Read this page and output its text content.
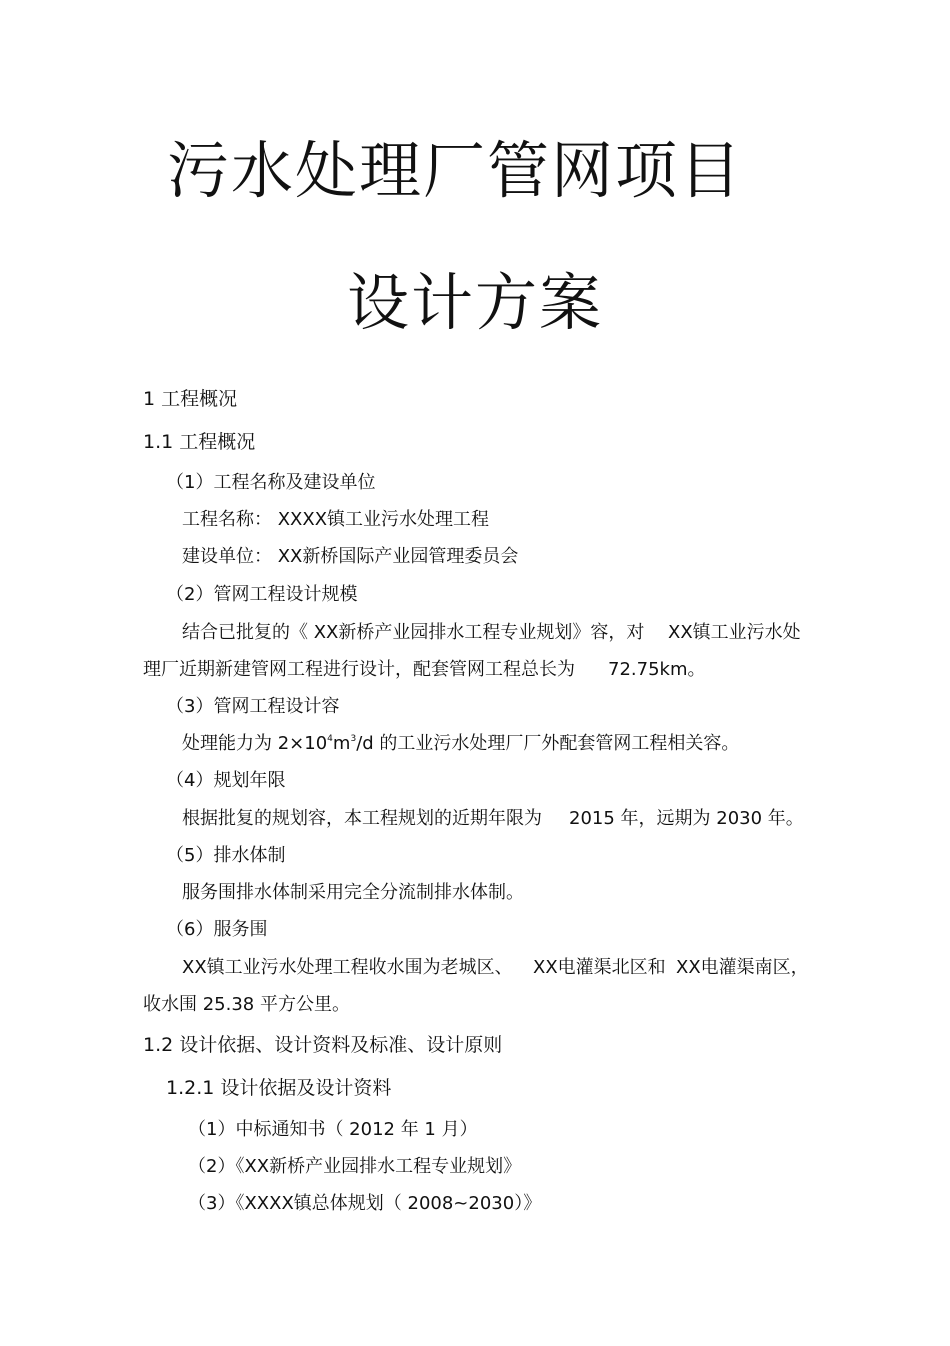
污水处理厂管网项目
设计方案
1 工程概况
1.1 工程概况
（1）工程名称及建设单位
工程名称： XXXX镇工业污水处理工程
建设单位： XX新桥国际产业园管理委员会
（2）管网工程设计规模
结合已批复的《 XX新桥产业园排水工程专业规划》容，对 XX镇工业污水处
理厂近期新建管网工程进行设计，配套管网工程总长为 72.75km。
（3）管网工程设计容
处理能力为 $2\times 10^4m^3/d$ 的工业污水处理厂厂外配套管网工程相关容。
（4）规划年限
根据批复的规划容，本工程规划的近期年限为 2015 年，远期为 2030 年。
（5）排水体制
服务围排水体制采用完全分流制排水体制。
（6）服务围
XX镇工业污水处理工程收水围为老城区、 XX电灌渠北区和 XX电灌渠南区，
收水围 25.38 平方公里。
1.2 设计依据、设计资料及标准、设计原则
1.2.1 设计依据及设计资料
（1）中标通知书（ 2012 年 1 月）
（2）《XX新桥产业园排水工程专业规划》
（3）《XXXX镇总体规划（ 2008~2030）》
